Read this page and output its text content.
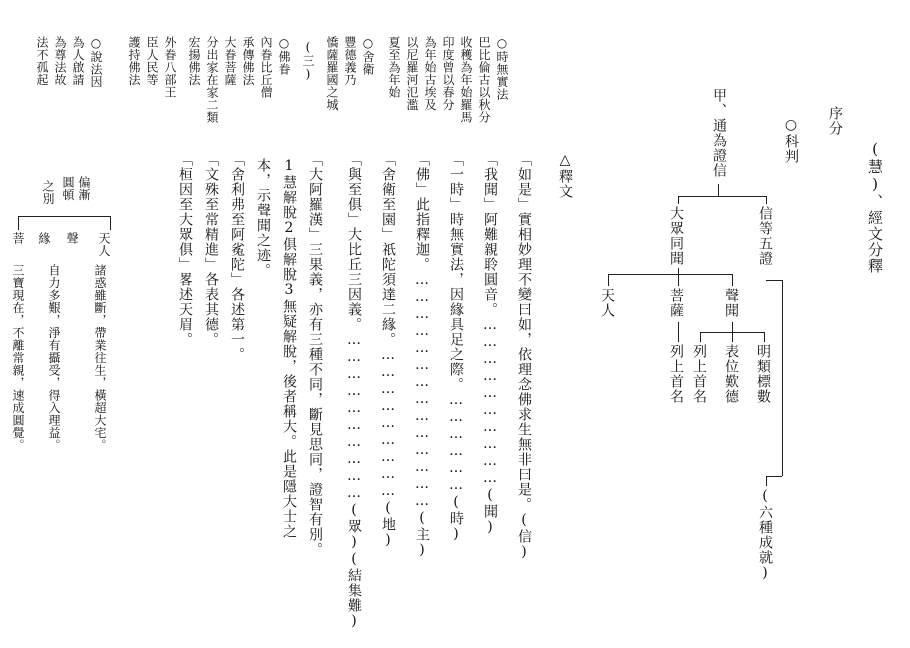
(慧)、經文分釋
序分
○科判
甲、通為證信
信等五證
(六種成就)
大眾同聞
天人	菩薩
列上首名
聲聞
列上首名 表位歎德 明類標數
△釋文
「如是」實相妙理不變曰如，依理念佛求生無非曰是。(信)
「我聞」阿難親聆圓音。…………………………(聞)
「一時」時無實法，因緣具足之際。………………(時)
「佛」此指釋迦。……………………………………(主)
「舍衛至園」祇陀須達二緣。………………………(地)
「與至俱」大比丘三因義。…………………………(眾)(結集難)
「大阿羅漢」三果義，亦有三種不同，斷見思同，證智有別。
1慧解脫2俱解脫3無疑解脫，後者稱大。此是隱大士之
本，示聲聞之迹。
「舍利弗至阿㝹陀」各述第一。
「文殊至常精進」各表其德。
「桓因至大眾俱」畧述天眉。
○時無實法
巴比倫古以秋分
收穫為年始羅馬
印度曾以春分
為年始古埃及
以尼羅河氾濫
夏至為年始
○舍衛
豐德義乃
憍薩羅國之城
(三)
○佛眷
內眷比丘僧
承傳佛法
大眷菩薩
分出家在家二類
宏揚佛法
外眷八部王
臣人民等
護持佛法
○說法因
為人啟請
為尊法故
法不孤起
偏漸
圓頓
之別
天人
聲
緣
菩
諸惑雖斷，帶業往生，橫超大宅。
自力多艱，淨有攝受，得入理益。
三寶現在，不離常親，速成圓覺。
